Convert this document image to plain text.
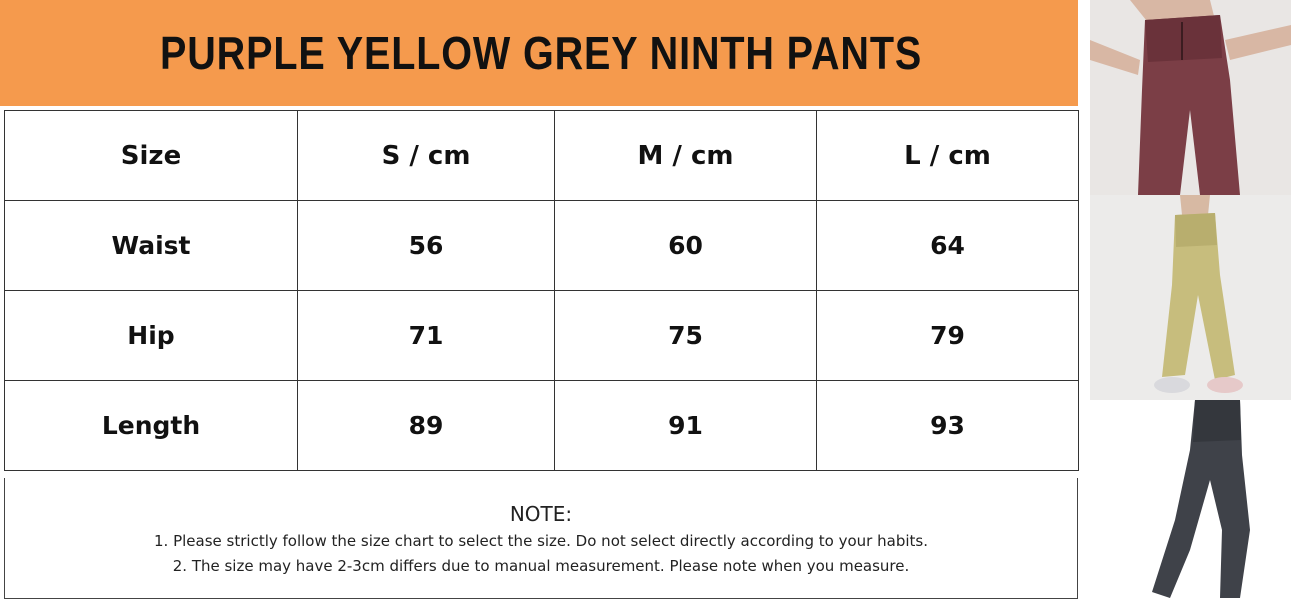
PURPLE YELLOW GREY NINTH PANTS
Size	S / cm	M / cm	L / cm
Waist	56	60	64
Hip	71	75	79
Length	89	91	93
NOTE:
1. Please strictly follow the size chart to select the size. Do not select directly according to your habits.
2. The size may have 2-3cm differs due to manual measurement. Please note when you measure.
